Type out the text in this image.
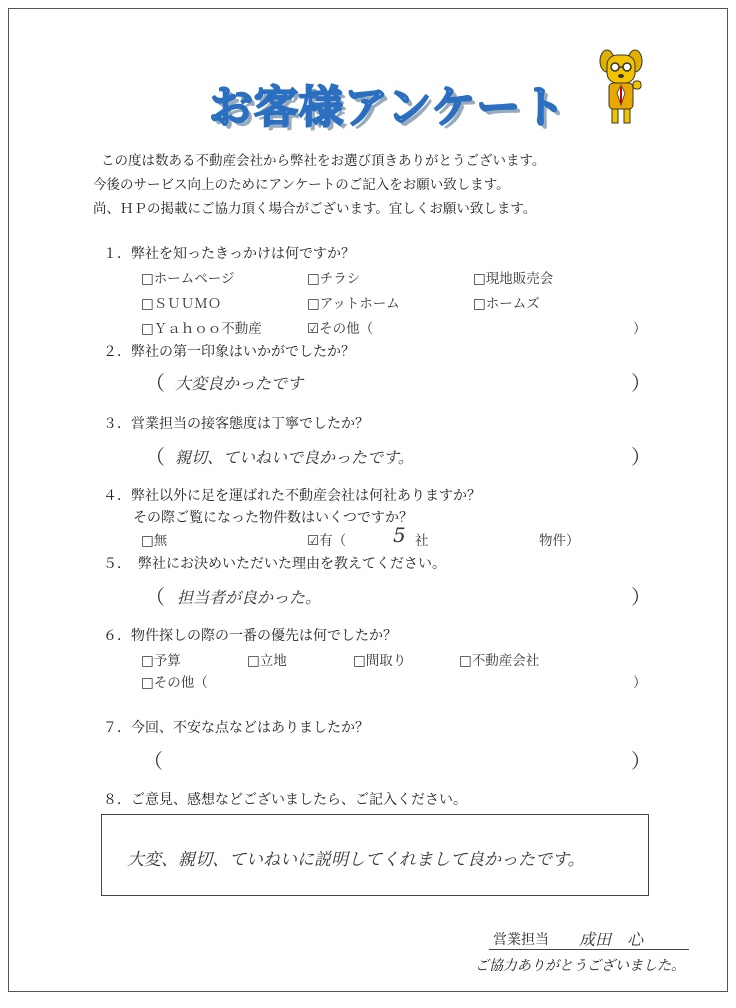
お客様アンケート
この度は数ある不動産会社から弊社をお選び頂きありがとうございます。
今後のサービス向上のためにアンケートのご記入をお願い致します。
尚、ＨＰの掲載にご協力頂く場合がございます。宜しくお願い致します。
１．弊社を知ったきっかけは何ですか？
□ホームページ	□チラシ	□現地販売会
□ＳＵＵＭＯ	□アットホーム	□ホームズ
□Ｙａｈｏｏ不動産	☑その他（	）
２．弊社の第一印象はいかがでしたか？
（ 大変良かったです	）
３．営業担当の接客態度は丁寧でしたか？
（ 親切、ていねいで良かったです。	）
４．弊社以外に足を運ばれた不動産会社は何社ありますか？
その際ご覧になった物件数はいくつですか？
□無	☑有（ 5 社	物件）
５．　弊社にお決めいただいた理由を教えてください。
（ 担当者が良かった。	）
６．物件探しの際の一番の優先は何でしたか？
□予算	□立地	□間取り	□不動産会社
□その他（	）
７．今回、不安な点などはありましたか？
（	）
８．ご意見、感想などございましたら、ご記入ください。
大変、親切、ていねいに説明してくれまして良かったです。
営業担当 成田　心
ご協力ありがとうございました。
